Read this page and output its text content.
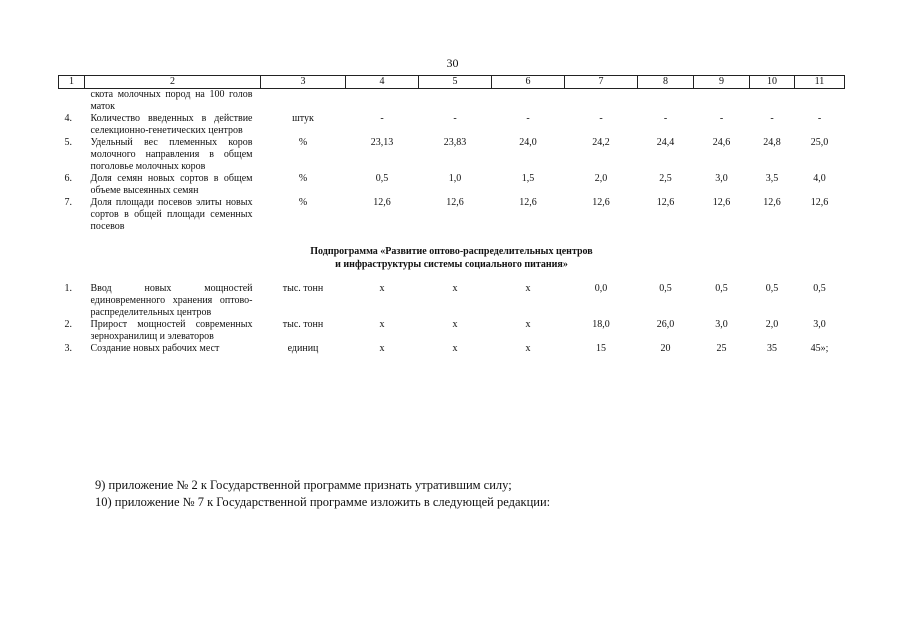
30
1	2	3	4	5	6	7	8	9	10	11
	скота молочных пород на 100 голов маток									
4.	Количество введенных в действие селекционно-генетических центров	штук	-	-	-	-	-	-	-	-
5.	Удельный вес племенных коров молочного направления в общем поголовье молочных коров	%	23,13	23,83	24,0	24,2	24,4	24,6	24,8	25,0
6.	Доля семян новых сортов в общем объеме высеянных семян	%	0,5	1,0	1,5	2,0	2,5	3,0	3,5	4,0
7.	Доля площади посевов элиты новых сортов в общей площади семенных посевов	%	12,6	12,6	12,6	12,6	12,6	12,6	12,6	12,6

Подпрограмма «Развитие оптово-распределительных центров
и инфраструктуры системы социального питания»										

1.	Ввод новых мощностей единовременного хранения оптово-распределительных центров	тыс. тонн	х	х	х	0,0	0,5	0,5	0,5	0,5
2.	Прирост мощностей современных зернохранилищ и элеваторов	тыс. тонн	х	х	х	18,0	26,0	3,0	2,0	3,0
3.	Создание новых рабочих мест	единиц	х	х	х	15	20	25	35	45»;
9) приложение № 2 к Государственной программе признать утратившим силу;
10) приложение № 7 к Государственной программе изложить в следующей редакции:
